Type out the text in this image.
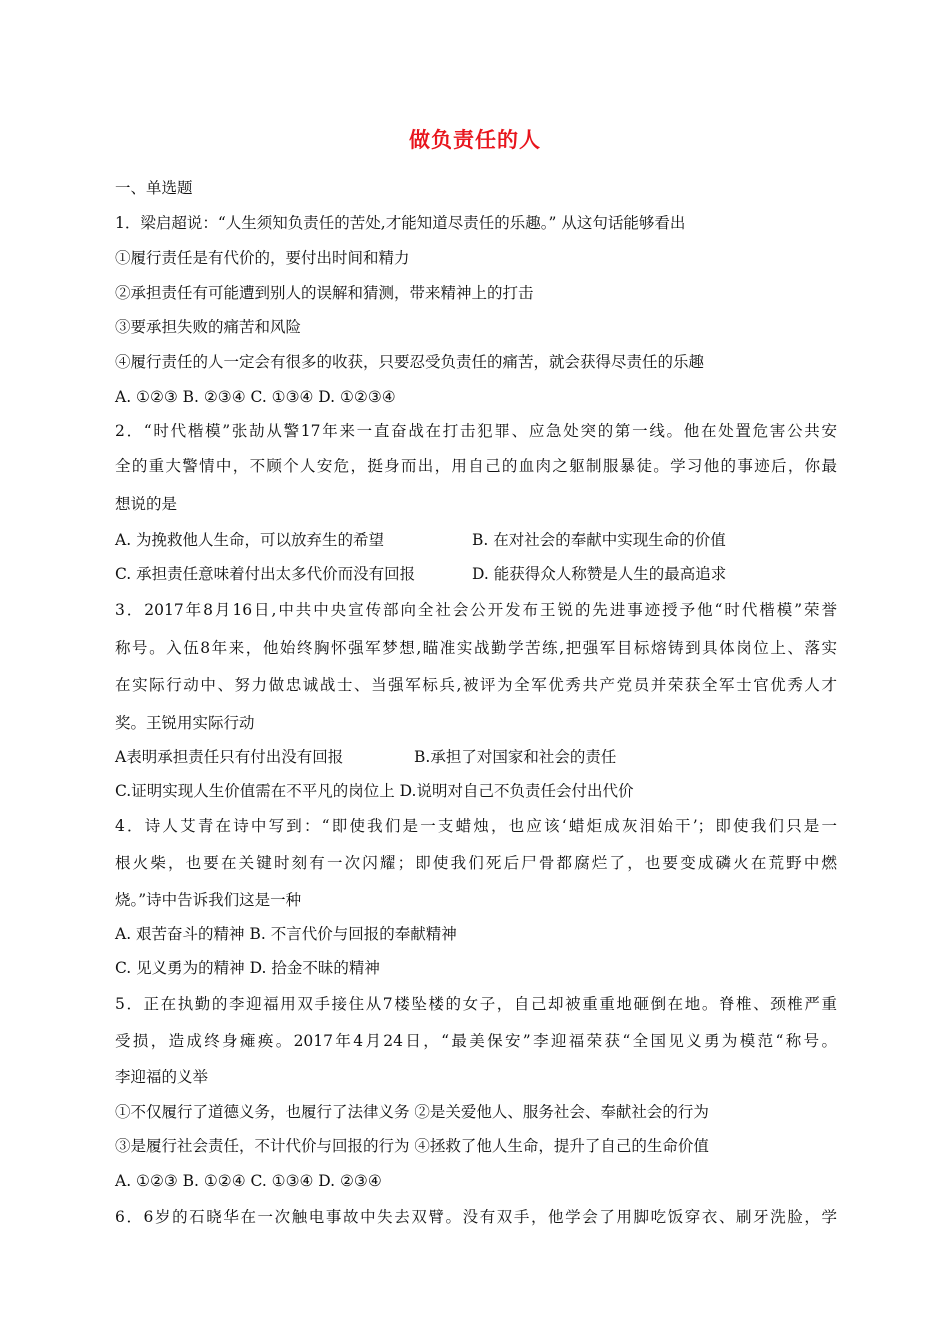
做负责任的人
一、单选题
1．梁启超说：“人生须知负责任的苦处,才能知道尽责任的乐趣。” 从这句话能够看出
①履行责任是有代价的，要付出时间和精力
②承担责任有可能遭到别人的误解和猜测，带来精神上的打击
③要承担失败的痛苦和风险
④履行责任的人一定会有很多的收获，只要忍受负责任的痛苦，就会获得尽责任的乐趣
A. ①②③ B. ②③④ C. ①③④ D. ①②③④
2．“时代楷模”张劼从警17年来一直奋战在打击犯罪、应急处突的第一线。他在处置危害公共安
全的重大警情中，不顾个人安危，挺身而出，用自己的血肉之躯制服暴徒。学习他的事迹后，你最
想说的是
A. 为挽救他人生命，可以放弃生的希望	B. 在对社会的奉献中实现生命的价值
C. 承担责任意味着付出太多代价而没有回报	D. 能获得众人称赞是人生的最高追求
3．2017年8月16日,中共中央宣传部向全社会公开发布王锐的先进事迹授予他“时代楷模”荣誉
称号。入伍8年来，他始终胸怀强军梦想,瞄准实战勤学苦练,把强军目标熔铸到具体岗位上、落实
在实际行动中、努力做忠诚战士、当强军标兵,被评为全军优秀共产党员并荣获全军士官优秀人才
奖。王锐用实际行动
A表明承担责任只有付出没有回报	B.承担了对国家和社会的责任
C.证明实现人生价值需在不平凡的岗位上 D.说明对自己不负责任会付出代价
4．诗人艾青在诗中写到：“即使我们是一支蜡烛，也应该‘蜡炬成灰泪始干’；即使我们只是一
根火柴，也要在关键时刻有一次闪耀；即使我们死后尸骨都腐烂了，也要变成磷火在荒野中燃
烧。”诗中告诉我们这是一种
A. 艰苦奋斗的精神 B. 不言代价与回报的奉献精神
C. 见义勇为的精神 D. 拾金不昧的精神
5．正在执勤的李迎福用双手接住从7楼坠楼的女子，自己却被重重地砸倒在地。脊椎、颈椎严重
受损，造成终身瘫痪。2017年4月24日，“最美保安”李迎福荣获“全国见义勇为模范“称号。
李迎福的义举
①不仅履行了道德义务，也履行了法律义务 ②是关爱他人、服务社会、奉献社会的行为
③是履行社会责任，不计代价与回报的行为 ④拯救了他人生命，提升了自己的生命价值
A. ①②③ B. ①②④ C. ①③④ D. ②③④
6．6岁的石晓华在一次触电事故中失去双臂。没有双手，他学会了用脚吃饭穿衣、刷牙洗脸，学
